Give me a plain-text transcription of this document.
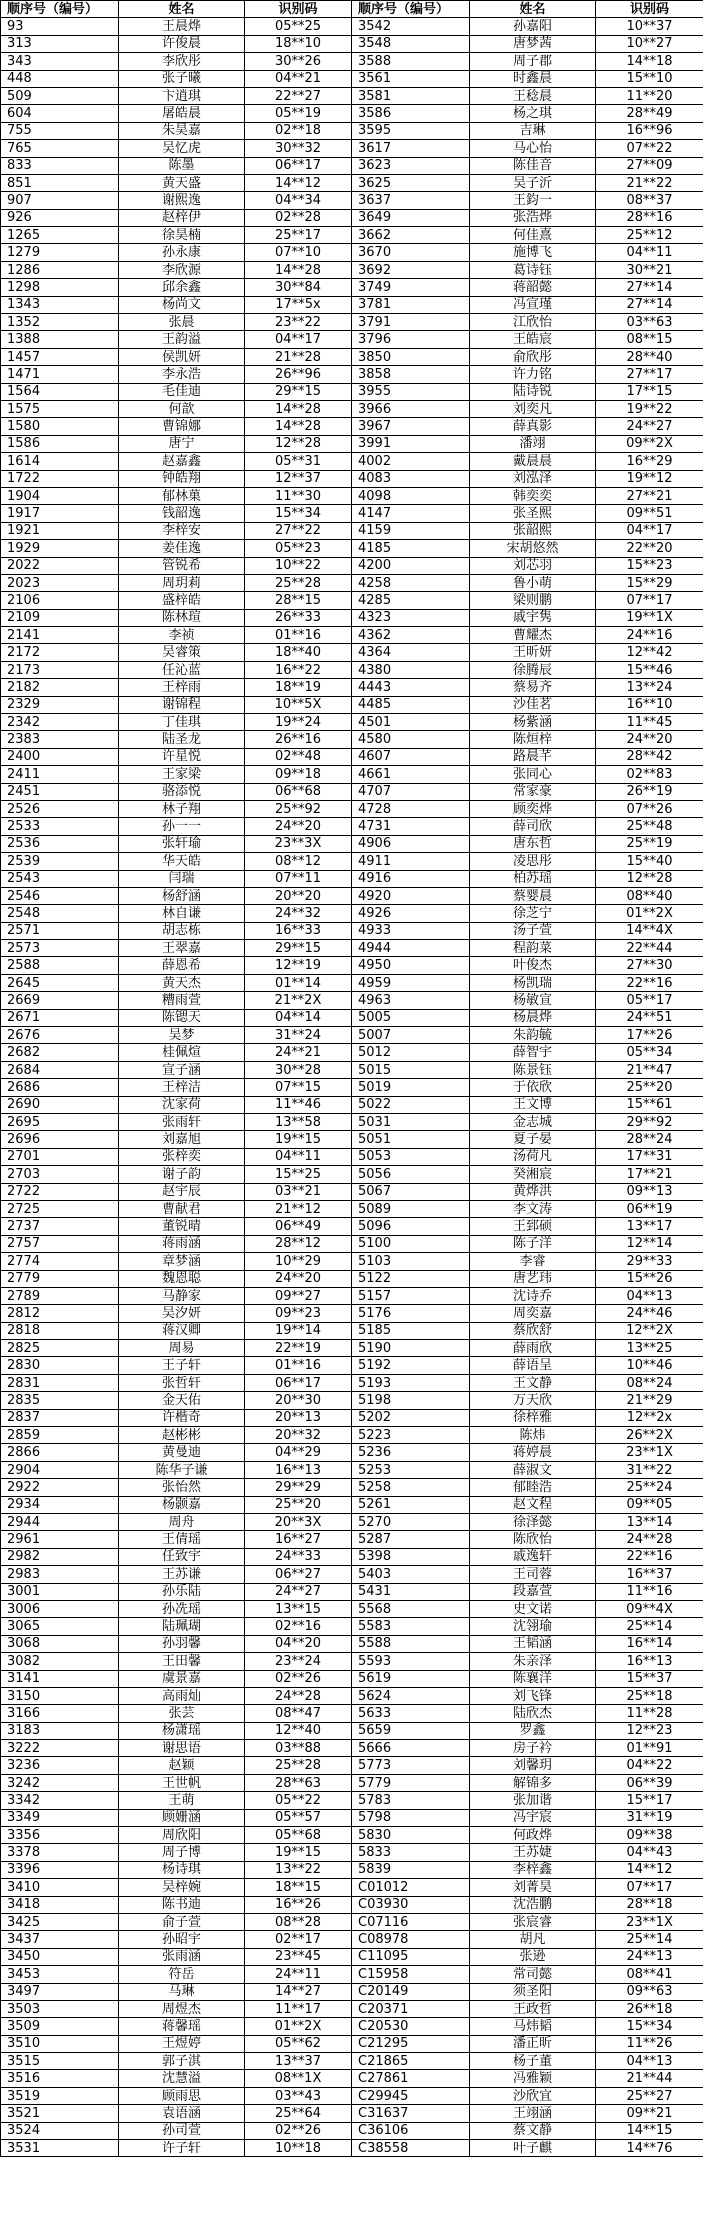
顺序号（编号）	姓名	识别码	顺序号（编号）	姓名	识别码
93	王晨烨	05**25	3542	孙嘉阳	10**37
313	许俊晨	18**10	3548	唐梦茜	10**27
343	李欣彤	30**26	3588	周子郡	14**18
448	张子曦	04**21	3561	时鑫晨	15**10
509	卞逍琪	22**27	3581	王稔晨	11**20
604	屠皓晨	05**19	3586	杨之琪	28**49
755	朱昊嘉	02**18	3595	吉琳	16**96
765	吴忆虎	30**32	3617	马心怡	07**22
833	陈墨	06**17	3623	陈佳音	27**09
851	黄天盛	14**12	3625	吴子沂	21**22
907	谢熙逸	04**34	3637	王鈞一	08**37
926	赵梓伊	02**28	3649	张浩烨	28**16
1265	徐昊楠	25**17	3662	何佳熹	25**12
1279	孙永康	07**10	3670	施博飞	04**11
1286	李欣源	14**28	3692	葛诗钰	30**21
1298	邱余鑫	30**84	3749	蒋韶懿	27**14
1343	杨尚文	17**5x	3781	冯宣瑾	27**14
1352	张晨	23**22	3791	江欣怡	03**63
1388	王韵溢	04**17	3796	王皓宸	08**15
1457	侯凯妍	21**28	3850	俞欣彤	28**40
1471	李永浩	26**96	3858	许力铭	27**17
1564	毛佳迪	29**15	3955	陆诗锐	17**15
1575	何歆	14**28	3966	刘奕凡	19**22
1580	曹锦娜	14**28	3967	薛真影	24**27
1586	唐宁	12**28	3991	潘翊	09**2X
1614	赵嘉鑫	05**31	4002	戴晨晨	16**29
1722	钟皓翔	12**37	4083	刘泓泽	19**12
1904	郁林菓	11**30	4098	韩奕奕	27**21
1917	钱韶逸	15**34	4147	张圣熙	09**51
1921	李梓安	27**22	4159	张韶熙	04**17
1929	姜佳逸	05**23	4185	宋胡悠然	22**20
2022	管锐希	10**22	4200	刘芯羽	15**23
2023	周玥莉	25**28	4258	鲁小萌	15**29
2106	盛梓皓	28**15	4285	梁则鹏	07**17
2109	陈林瑄	26**33	4323	戚宇隽	19**1X
2141	李祯	01**16	4362	曹耀杰	24**16
2172	吴睿策	18**40	4364	王昕妍	12**42
2173	任沁蓝	16**22	4380	徐腾辰	15**46
2182	王梓雨	18**19	4443	蔡易齐	13**24
2329	谢锦程	10**5X	4485	沙佳茗	16**10
2342	丁佳琪	19**24	4501	杨紫涵	11**45
2383	陆圣龙	26**16	4580	陈烜梓	24**20
2400	许星悦	02**48	4607	路晨芊	28**42
2411	王家梁	09**18	4661	张同心	02**83
2451	骆添悦	06**68	4707	常家豪	26**19
2526	林子翔	25**92	4728	顾奕烨	07**26
2533	孙一一	24**20	4731	薛司欣	25**48
2536	张轩瑜	23**3X	4906	唐东哲	25**19
2539	华天皓	08**12	4911	凌思彤	15**40
2543	闫瑞	07**11	4916	柏苏瑶	12**28
2546	杨舒涵	20**20	4920	蔡婴晨	08**40
2548	林自谦	24**32	4926	徐芝宁	01**2X
2571	胡志栋	16**33	4933	汤子萱	14**4X
2573	王翠嘉	29**15	4944	程韵菜	22**44
2588	薛恩希	12**19	4950	叶俊杰	27**30
2645	黄天杰	01**14	4959	杨凯瑞	22**16
2669	糟雨萱	21**2X	4963	杨敏宣	05**17
2671	陈锶天	04**14	5005	杨晨烨	24**51
2676	吴梦	31**24	5007	朱韵毓	17**26
2682	桂佩煊	24**21	5012	薛智宇	05**34
2684	宣子涵	30**28	5015	陈景钰	21**47
2686	王梓洁	07**15	5019	于依欣	25**20
2690	沈家荷	11**46	5022	王文博	15**61
2695	张雨轩	13**58	5031	金志城	29**92
2696	刘嘉旭	19**15	5051	夏子晏	28**24
2701	张梓奕	04**11	5053	汤荷凡	17**31
2703	谢子韵	15**25	5056	癸湘宸	17**21
2722	赵宇辰	03**21	5067	黄烨洪	09**13
2725	曹献君	21**12	5089	李文涛	06**19
2737	董锐晴	06**49	5096	王郅硕	13**17
2757	蒋雨涵	28**12	5100	陈子洋	12**14
2774	章梦涵	10**29	5103	李睿	29**33
2779	魏恩聪	24**20	5122	唐艺玮	15**26
2789	马静家	09**27	5157	沈诗乔	04**13
2812	吴汐妍	09**23	5176	周奕嘉	24**46
2818	蒋汉卿	19**14	5185	蔡欣舒	12**2X
2825	周易	22**19	5190	薛雨欣	13**25
2830	王子轩	01**16	5192	薛语呈	10**46
2831	张哲轩	06**17	5193	王文静	08**24
2835	金天佑	20**30	5198	万天欣	21**29
2837	许楷奇	20**13	5202	徐梓雅	12**2x
2859	赵彬彬	20**32	5223	陈炜	26**2X
2866	黄曼迪	04**29	5236	蒋婷晨	23**1X
2904	陈华子谦	16**13	5253	薛淑文	31**22
2922	张怡然	29**29	5258	郁睦浩	25**24
2934	杨颢嘉	25**20	5261	赵文程	09**05
2944	周舟	20**3X	5270	徐泽懿	13**14
2961	王倩瑶	16**27	5287	陈欣怡	24**28
2982	任致宇	24**33	5398	戚逸轩	22**16
2983	王苏谦	06**27	5403	王司蓉	16**37
3001	孙乐陆	24**27	5431	段嘉萱	11**16
3006	孙冼瑶	13**15	5568	史文诺	09**4X
3065	陆珮瑚	02**16	5583	沈翎瑜	25**14
3068	孙羽馨	04**20	5588	王韬涵	16**14
3082	王田馨	23**24	5593	朱亲泽	16**13
3141	虞景嘉	02**26	5619	陈襄洋	15**37
3150	高雨灿	24**28	5624	刘飞锋	25**18
3166	张芸	08**47	5633	陆欣杰	11**28
3183	杨潇瑶	12**40	5659	罗鑫	12**23
3222	谢思语	03**88	5666	房子衿	01**91
3236	赵颖	25**28	5773	刘馨玥	04**22
3242	王世帆	28**63	5779	解锦多	06**39
3342	王萌	05**22	5783	张加谐	15**17
3349	顾姗涵	05**57	5798	冯宇宸	31**19
3356	周欣阳	05**68	5830	何政烨	09**38
3378	周子博	19**15	5833	王苏婕	04**43
3396	杨诗琪	13**22	5839	李梓鑫	14**12
3410	吴梓婉	18**15	C01012	刘菁昊	07**17
3418	陈书迪	16**26	C03930	沈浩鹏	28**18
3425	俞子萱	08**28	C07116	张宸睿	23**1X
3437	孙昭宇	02**17	C08978	胡凡	25**14
3450	张雨涵	23**45	C11095	张逊	24**13
3453	符岳	24**11	C15958	常司懿	08**41
3497	马琳	14**27	C20149	须圣阳	09**63
3503	周煜杰	11**17	C20371	王政哲	26**18
3509	蒋馨瑶	01**2X	C20530	马炜韬	15**34
3510	王煜婷	05**62	C21295	潘正昕	11**26
3515	郭子淇	13**37	C21865	杨子董	04**13
3516	沈慧溢	08**1X	C27861	冯雅颖	21**44
3519	顾雨思	03**43	C29945	沙欣宜	25**27
3521	袁语涵	25**64	C31637	王翊涵	09**21
3524	孙司萱	02**26	C36106	蔡文静	14**15
3531	许子轩	10**18	C38558	叶子麒	14**76
